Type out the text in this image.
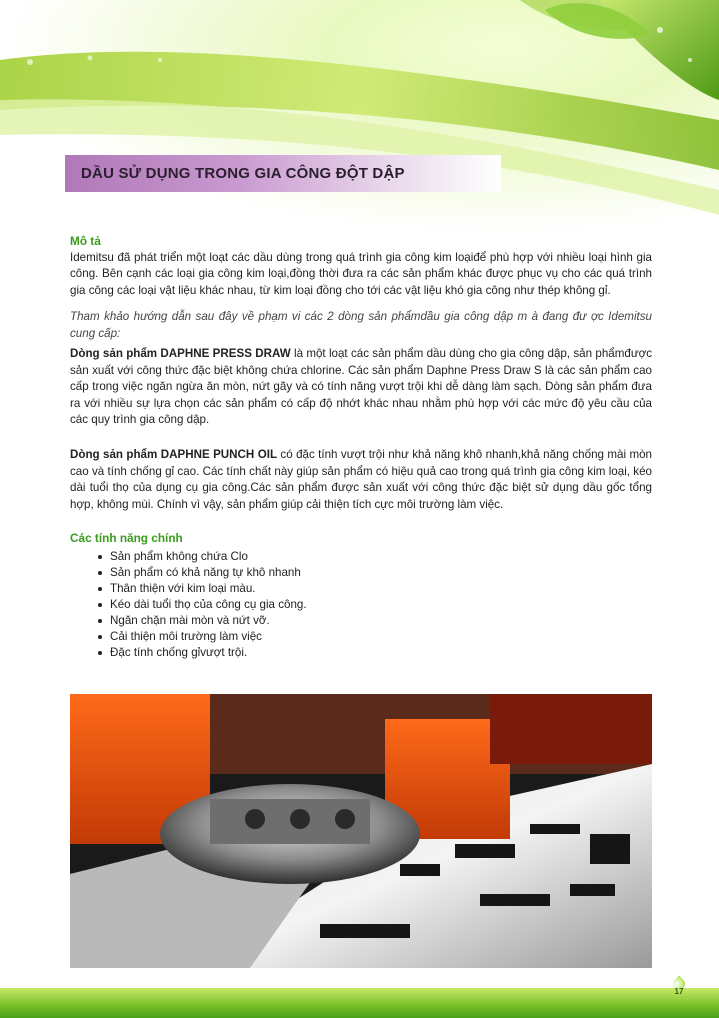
DẦU SỬ DỤNG TRONG GIA CÔNG ĐỘT DẬP
Mô tả
Idemitsu đã phát triển một loạt các dầu dùng trong quá trình gia công kim loạiđể phù hợp với nhiều loại hình gia công. Bên cạnh các loại gia công kim loại,đồng thời đưa ra các sản phẩm khác được phục vụ cho các quá trình gia công các loại vật liệu khác nhau, từ kim loại đồng cho tới các vật liệu khó gia công như thép không gỉ.
Tham khảo hướng dẫn sau đây về phạm vi các 2 dòng sản phẩmdầu gia công dập m à đang đư ợc Idemitsu cung cấp:
Dòng sản phẩm DAPHNE PRESS DRAW là một loạt các sản phẩm dầu dùng cho gia công dập, sản phẩmđược sản xuất với công thức đặc biệt không chứa chlorine. Các sản phẩm Daphne Press Draw S là các sản phẩm cao cấp trong việc ngăn ngừa ăn mòn, nứt gãy và có tính năng vượt trội khi dễ dàng làm sạch. Dòng sản phẩm đưa ra với nhiều sự lựa chọn các sản phẩm có cấp độ nhớt khác nhau nhằm phù hợp với các mức độ yêu cầu của các quy trình gia công dập.
Dòng sản phẩm DAPHNE PUNCH OIL có đặc tính vượt trội như khả năng khô nhanh,khả năng chống mài mòn cao và tính chống gỉ cao. Các tính chất này giúp sản phẩm có hiệu quả cao trong quá trình gia công kim loại, kéo dài tuổi thọ của dụng cụ gia công.Các sản phẩm được sản xuất với công thức đặc biệt sử dụng dầu gốc tổng hợp, không mùi. Chính vì vậy, sản phẩm giúp cải thiện tích cực môi trường làm việc.
Các tính năng chính
Sản phẩm không chứa Clo
Sản phẩm có khả năng tự khô nhanh
Thân thiện với kim loại màu.
Kéo dài tuổi thọ của công cụ gia công.
Ngăn chặn mài mòn và nứt vỡ.
Cải thiện môi trường làm việc
Đặc tính chống gỉvượt trội.
17
